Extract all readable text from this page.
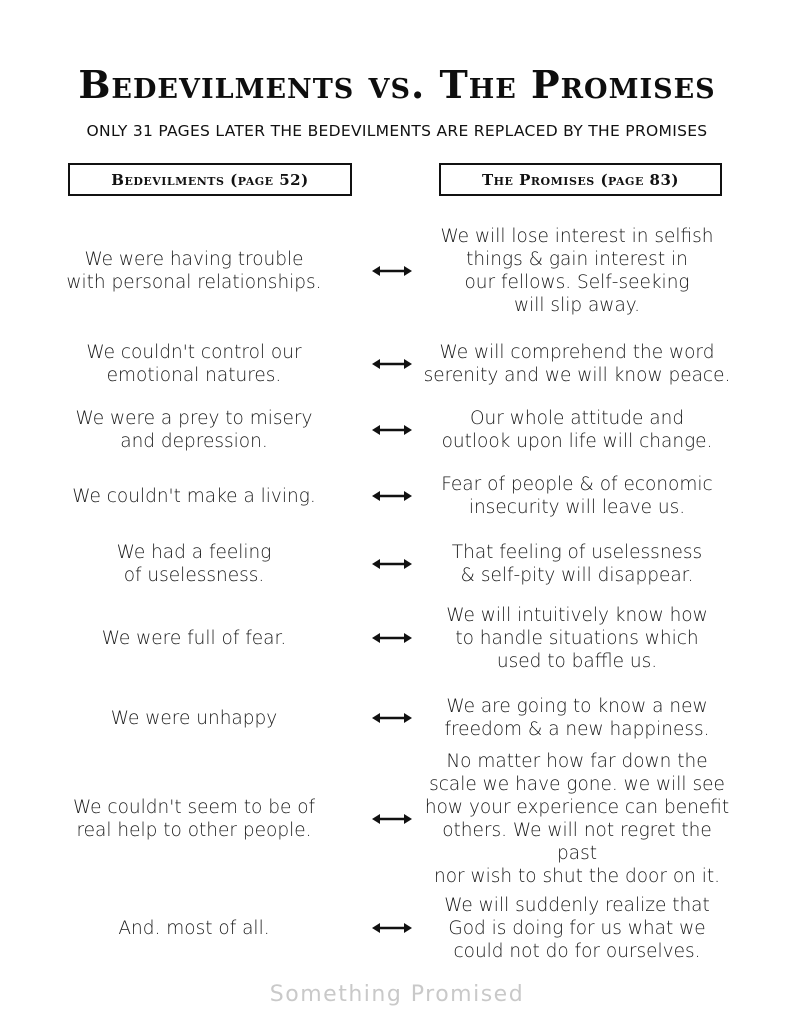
Bedevilments vs. The Promises
ONLY 31 PAGES LATER THE BEDEVILMENTS ARE REPLACED BY THE PROMISES
Bedevilments (page 52)	The Promises (page 83)
We were having trouble
with personal relationships.
We will lose interest in selfish
things & gain interest in
our fellows. Self-seeking
will slip away.
We couldn't control our
emotional natures.
We will comprehend the word
serenity and we will know peace.
We were a prey to misery
and depression.
Our whole attitude and
outlook upon life will change.
We couldn't make a living.
Fear of people & of economic
insecurity will leave us.
We had a feeling
of uselessness.
That feeling of uselessness
& self-pity will disappear.
We were full of fear.
We will intuitively know how
to handle situations which
used to baffle us.
We were unhappy
We are going to know a new
freedom & a new happiness.
We couldn't seem to be of
real help to other people.
No matter how far down the
scale we have gone. we will see
how your experience can benefit
others. We will not regret the past
nor wish to shut the door on it.
And. most of all.
We will suddenly realize that
God is doing for us what we
could not do for ourselves.
Something Promised
